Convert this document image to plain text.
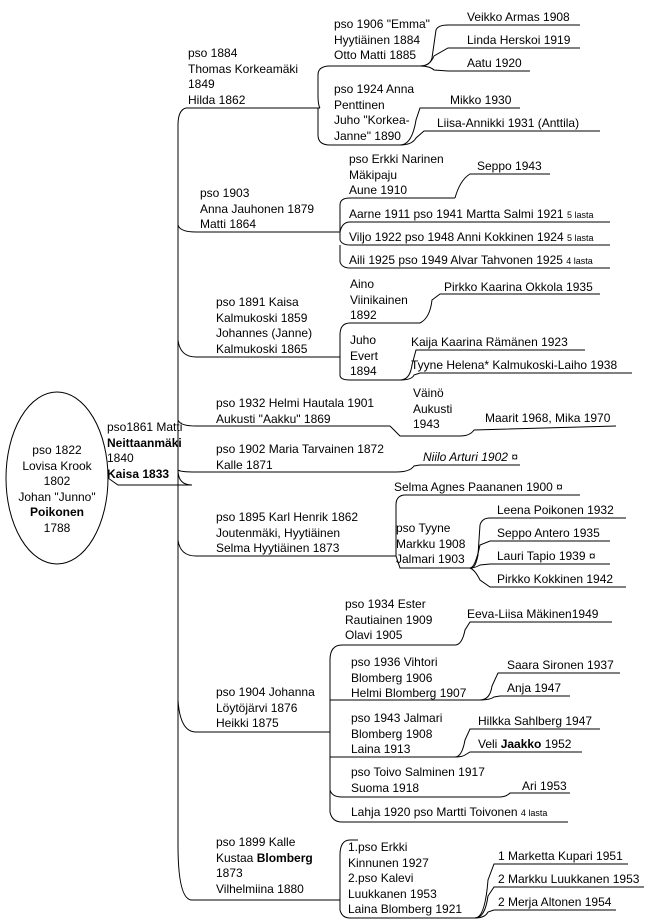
pso 1822
Lovisa Krook
1802
Johan "Junno"
Poikonen
1788
pso1861 Matti
Neittaanmäki
1840
Kaisa 1833
pso 1884
Thomas Korkeamäki
1849
Hilda 1862
pso 1906 "Emma"
Hyytiäinen 1884
Otto Matti 1885
Veikko Armas 1908
Linda Herskoi 1919
Aatu 1920
pso 1924 Anna
Penttinen
Juho "Korkea-
Janne" 1890
Mikko 1930
Liisa-Annikki 1931 (Anttila)
pso 1903
Anna Jauhonen 1879
Matti 1864
pso Erkki Narinen
Mäkipaju
Aune 1910
Seppo 1943
Aarne 1911 pso 1941 Martta Salmi 1921 5 lasta
Viljo 1922 pso 1948 Anni Kokkinen 1924 5 lasta
Aili 1925 pso 1949 Alvar Tahvonen 1925 4 lasta
pso 1891 Kaisa
Kalmukoski 1859
Johannes (Janne)
Kalmukoski 1865
Aino
Viinikainen
1892
Pirkko Kaarina Okkola 1935
Juho
Evert
1894
Kaija Kaarina Rämänen 1923
Tyyne Helena* Kalmukoski-Laiho 1938
pso 1932 Helmi Hautala 1901
Aukusti "Aakku" 1869
Väinö
Aukusti
1943	Maarit 1968, Mika 1970
pso 1902 Maria Tarvainen 1872
Kalle 1871
Niilo Arturi 1902 ¤
pso 1895 Karl Henrik 1862
Joutenmäki, Hyytiäinen
Selma Hyytiäinen 1873
Selma Agnes Paananen 1900 ¤
pso Tyyne
Markku 1908
Jalmari 1903
Leena Poikonen 1932
Seppo Antero 1935
Lauri Tapio 1939 ¤
Pirkko Kokkinen 1942
pso 1904 Johanna
Löytöjärvi 1876
Heikki 1875
pso 1934 Ester
Rautiainen 1909
Olavi 1905
Eeva-Liisa Mäkinen1949
pso 1936 Vihtori
Blomberg 1906
Helmi Blomberg 1907
Saara Sironen 1937
Anja 1947
pso 1943 Jalmari
Blomberg 1908
Laina 1913
Hilkka Sahlberg 1947
Veli Jaakko 1952
pso Toivo Salminen 1917
Suoma 1918	Ari 1953
Lahja 1920 pso Martti Toivonen 4 lasta
pso 1899 Kalle
Kustaa Blomberg
1873
Vilhelmiina 1880
1.pso Erkki
Kinnunen 1927
2.pso Kalevi
Luukkanen 1953
Laina Blomberg 1921
1 Marketta Kupari 1951
2 Markku Luukkanen 1953
2 Merja Altonen 1954
